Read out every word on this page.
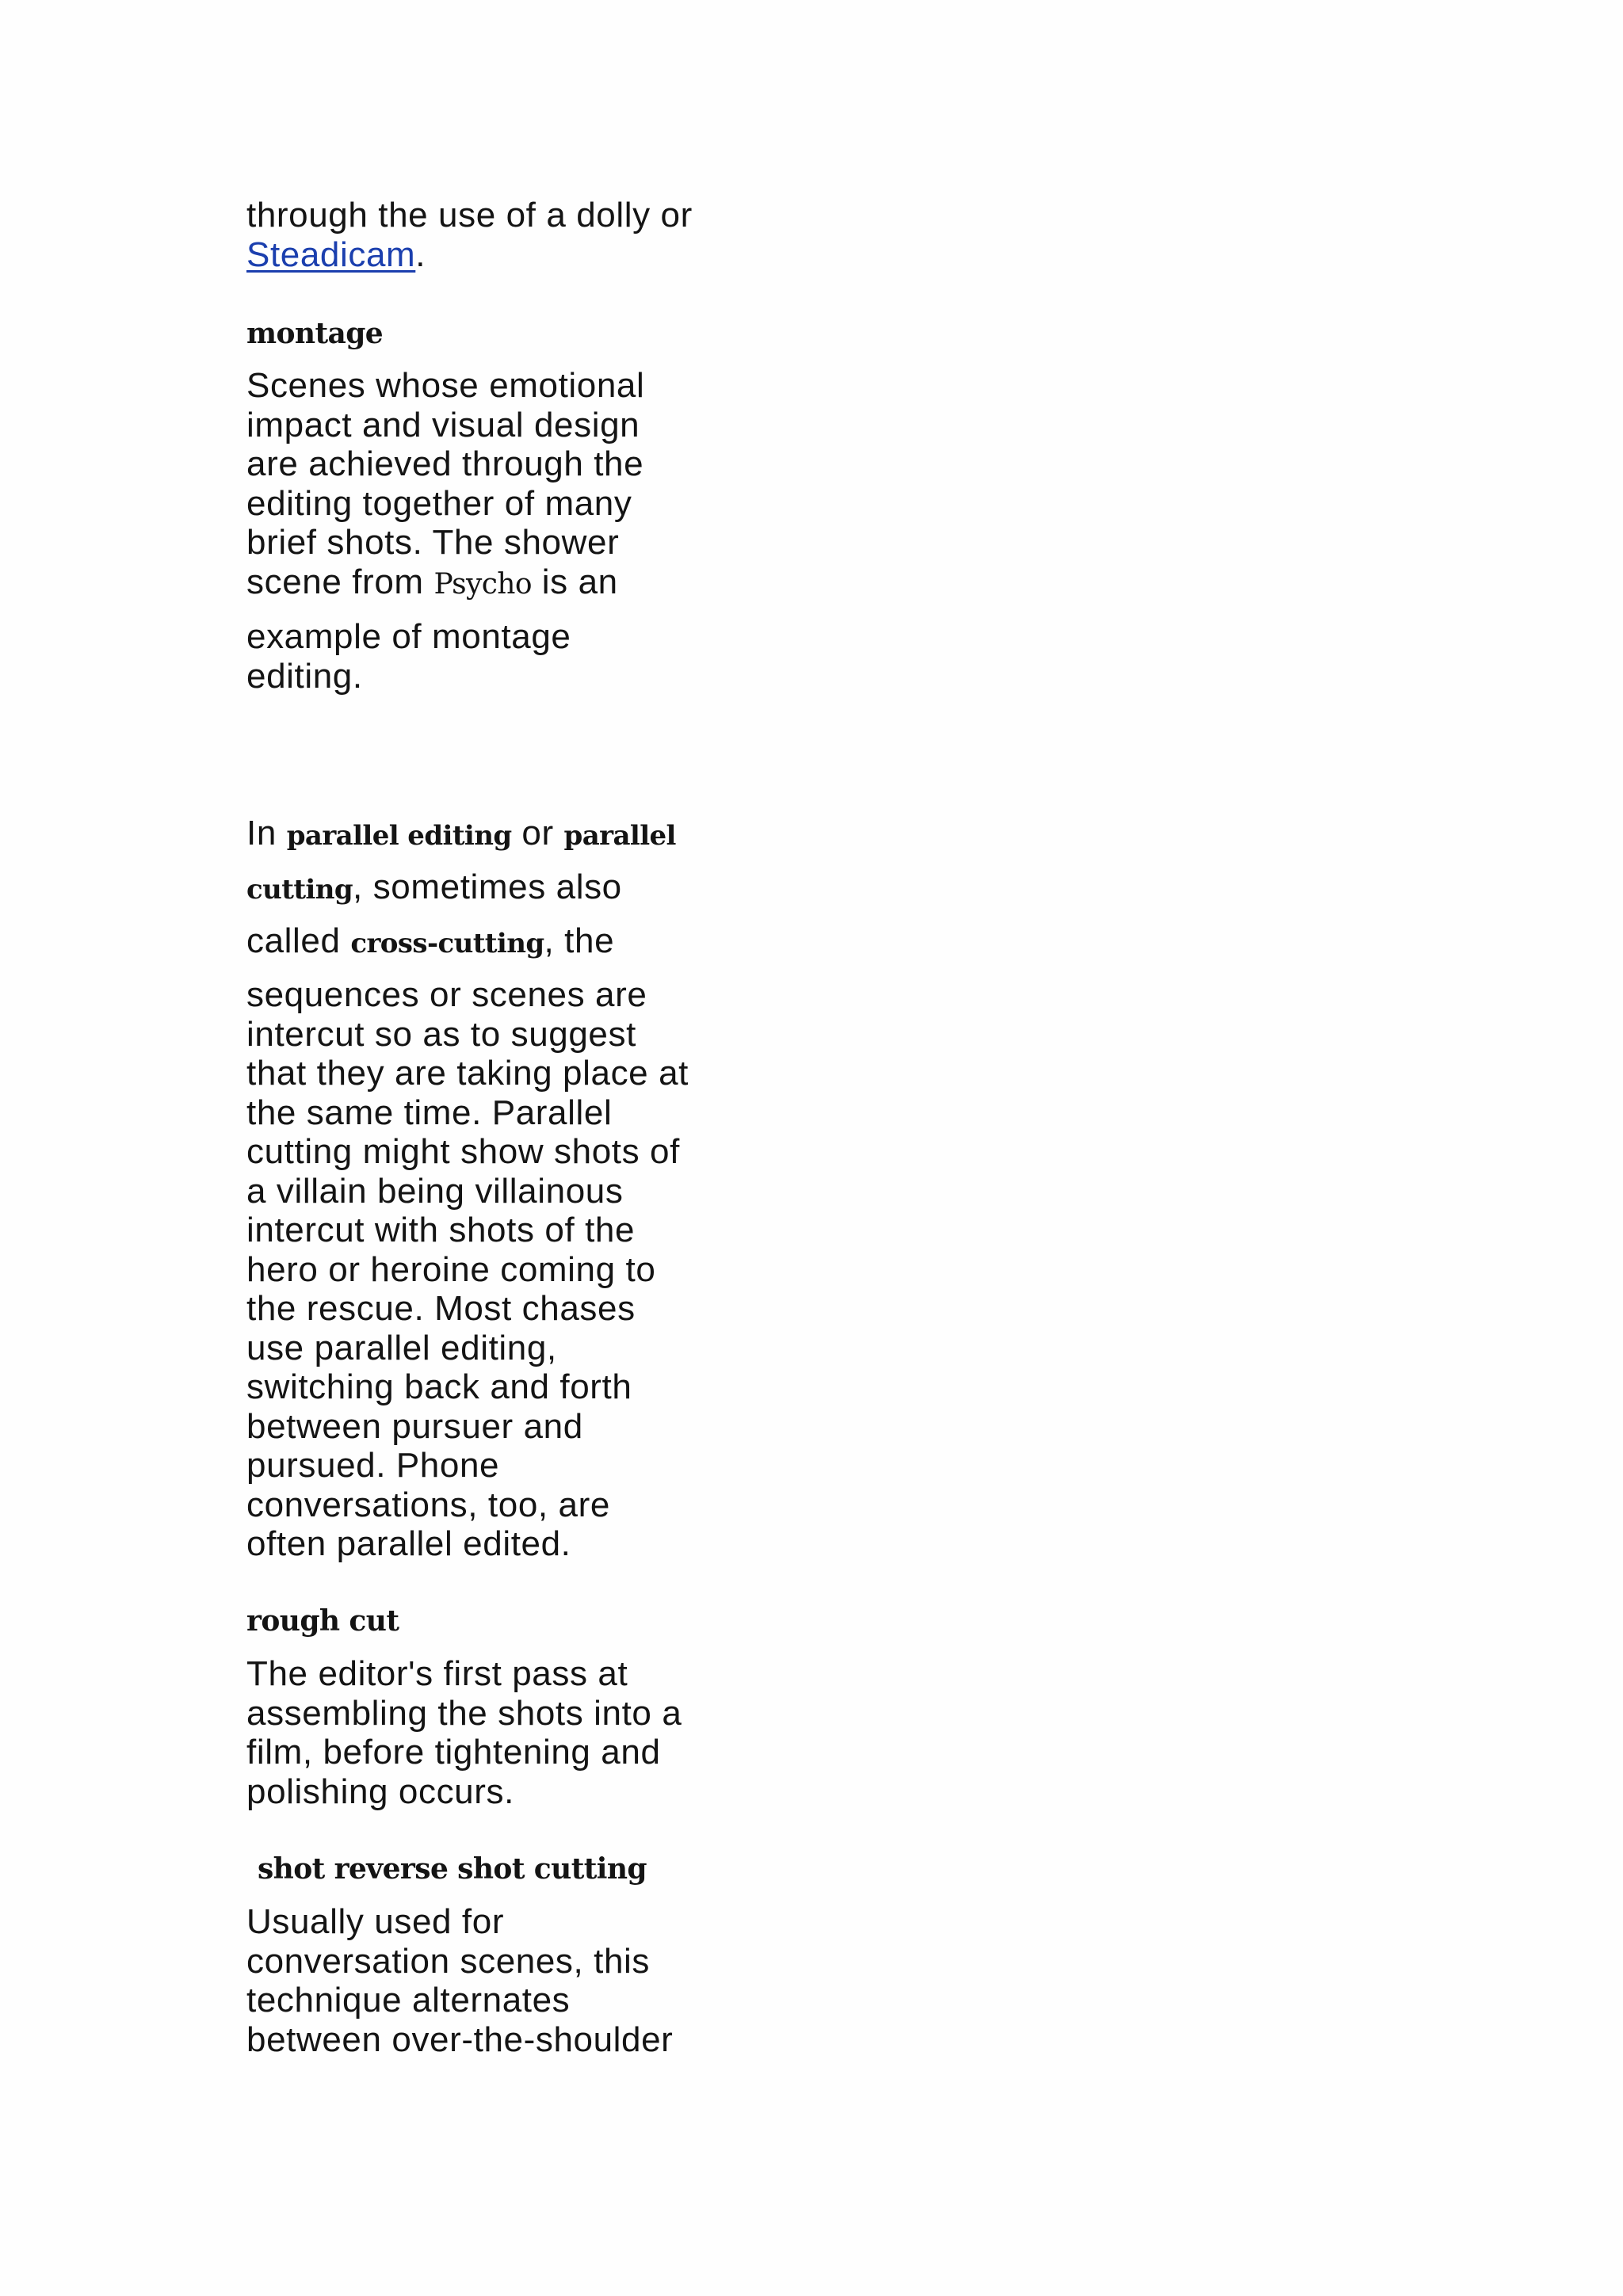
through the use of a dolly or
Steadicam.

montage

Scenes whose emotional
impact and visual design
are achieved through the
editing together of many
brief shots. The shower
scene from Psycho is an
example of montage
editing.
In parallel editing or parallel
cutting, sometimes also
called cross-cutting, the
sequences or scenes are
intercut so as to suggest
that they are taking place at
the same time. Parallel
cutting might show shots of
a villain being villainous
intercut with shots of the
hero or heroine coming to
the rescue. Most chases
use parallel editing,
switching back and forth
between pursuer and
pursued. Phone
conversations, too, are
often parallel edited.

rough cut

The editor's first pass at
assembling the shots into a
film, before tightening and
polishing occurs.

shot reverse shot cutting

Usually used for
conversation scenes, this
technique alternates
between over-the-shoulder
